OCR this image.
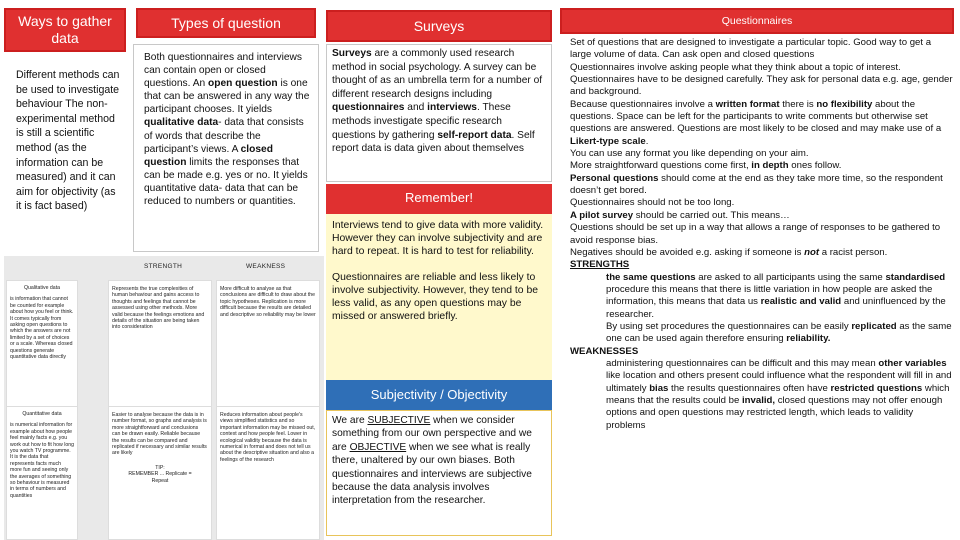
Ways to gather data

Different methods can be used to investigate behaviour The non-experimental method is still a scientific method (as the information can be measured) and it can aim for objectivity (as it is fact based)

Types of question

Both questionnaires and interviews can contain open or closed questions. An open question is one that can be answered in any way the participant chooses. It yields qualitative data- data that consists of words that describe the participant’s views. A closed question limits the responses that can be made e.g. yes or no. It yields quantitative data- data that can be reduced to numbers or quantities.

STRENGTH	WEAKNESS
Qualitative data
is information that cannot be counted for example about how you feel or think. It comes typically from asking open questions to which the answers are not limited by a set of choices or a scale. Whereas closed questions generate quantitative data directly
Represents the true complexities of human behaviour and gains access to thoughts and feelings that cannot be assessed using other methods. More valid because the feelings emotions and details of the situation are being taken into consideration
More difficult to analyse as that conclusions are difficult to draw about the topic hypotheses. Replication is more difficult because the results are detailed and descriptive so reliability may be lower
Quantitative data
is numerical information for example about how people feel mainly facts e.g. you work out how to fit how long you watch TV programme. It is the data that represents facts much more fun and seeing only the averages of something so behaviour is measured in terms of numbers and quantities
Easier to analyse because the data is in number format, so graphs and analysis is more straightforward and conclusions can be drawn easily. Reliable because the results can be compared and replicated if necessary and similar results are likely
TIP:
REMEMBER ... Replicate =
Repeat
Reduces information about people's views simplified statistics and so important information may be missed out, context and how people feel. Lower in ecological validity because the data is numerical in format and does not tell us about the descriptive situation and also a feelings of the research
Surveys

Surveys are a commonly used research method in social psychology. A survey can be thought of as an umbrella term for a number of different research designs including questionnaires and interviews. These methods investigate specific research questions by gathering self-report data. Self report data is data given about themselves

Remember!

Interviews tend to give data with more validity. However they can involve subjectivity and are hard to repeat. It is hard to test for reliability.

Questionnaires are reliable and less likely to involve subjectivity. However, they tend to be less valid, as any open questions may be missed or answered briefly.

Subjectivity / Objectivity

We are SUBJECTIVE when we consider something from our own perspective and we are OBJECTIVE when we see what is really there, unaltered by our own biases. Both questionnaires and interviews are subjective because the data analysis involves interpretation from the researcher.

Questionnaires

Set of questions that are designed to investigate a particular topic. Good way to get a large volume of data. Can ask open and closed questions

Questionnaires involve asking people what they think about a topic of interest. Questionnaires have to be designed carefully. They ask for personal data e.g. age, gender and background.

Because questionnaires involve a written format there is no flexibility about the questions. Space can be left for the participants to write comments but otherwise set questions are answered. Questions are most likely to be closed and may make use of a Likert-type scale.

You can use any format you like depending on your aim.

More straightforward questions come first, in depth ones follow.

Personal questions should come at the end as they take more time, so the respondent doesn’t get bored.

Questionnaires should not be too long.

A pilot survey should be carried out. This means…

Questions should be set up in a way that allows a range of responses to be gathered to avoid response bias.

Negatives should be avoided e.g. asking if someone is not a racist person.

STRENGTHS

the same questions are asked to all participants using the same standardised procedure this means that there is little variation in how people are asked the information, this means that data us realistic and valid and uninfluenced by the researcher.

By using set procedures the questionnaires can be easily replicated as the same one can be used again therefore ensuring reliability.

WEAKNESSES

administering questionnaires can be difficult and this may mean other variables like location and others present could influence what the respondent will fill in and ultimately bias the results questionnaires often have restricted questions which means that the results could be invalid, closed questions may not offer enough options and open questions may restricted length, which leads to validity problems
